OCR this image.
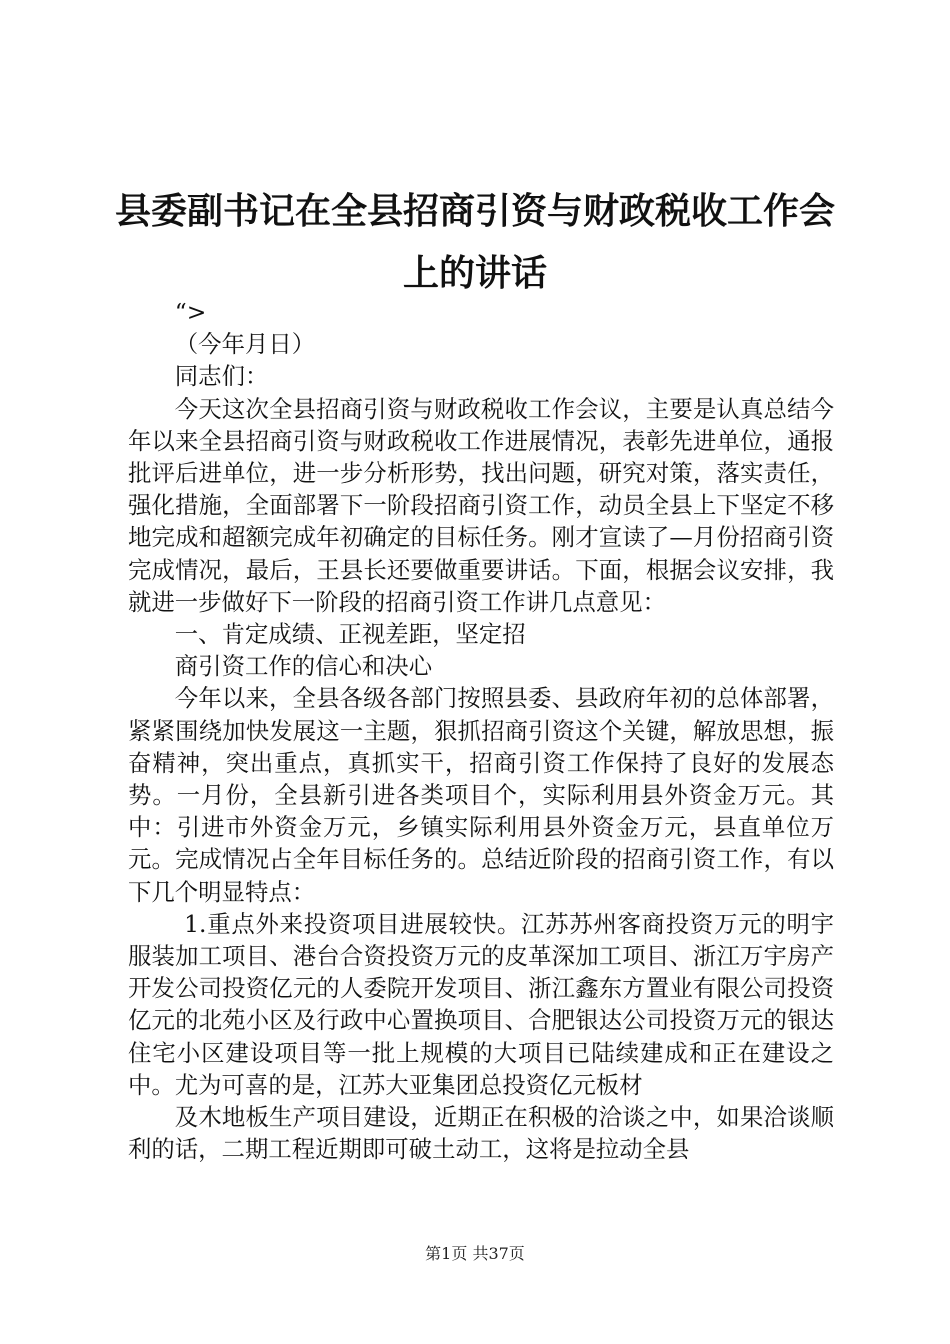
县委副书记在全县招商引资与财政税收工作会上的讲话

“>

（今年月日）

同志们：

今天这次全县招商引资与财政税收工作会议，主要是认真总结今年以来全县招商引资与财政税收工作进展情况，表彰先进单位，通报批评后进单位，进一步分析形势，找出问题，研究对策，落实责任，强化措施，全面部署下一阶段招商引资工作，动员全县上下坚定不移地完成和超额完成年初确定的目标任务。刚才宣读了—月份招商引资完成情况，最后，王县长还要做重要讲话。下面，根据会议安排，我就进一步做好下一阶段的招商引资工作讲几点意见：

一、肯定成绩、正视差距，坚定招

商引资工作的信心和决心

今年以来，全县各级各部门按照县委、县政府年初的总体部署，紧紧围绕加快发展这一主题，狠抓招商引资这个关键，解放思想，振奋精神，突出重点，真抓实干，招商引资工作保持了良好的发展态势。一月份，全县新引进各类项目个，实际利用县外资金万元。其中：引进市外资金万元，乡镇实际利用县外资金万元，县直单位万元。完成情况占全年目标任务的。总结近阶段的招商引资工作，有以下几个明显特点：

1.重点外来投资项目进展较快。江苏苏州客商投资万元的明宇服装加工项目、港台合资投资万元的皮革深加工项目、浙江万宇房产开发公司投资亿元的人委院开发项目、浙江鑫东方置业有限公司投资亿元的北苑小区及行政中心置换项目、合肥银达公司投资万元的银达住宅小区建设项目等一批上规模的大项目已陆续建成和正在建设之中。尤为可喜的是，江苏大亚集团总投资亿元板材

及木地板生产项目建设，近期正在积极的洽谈之中，如果洽谈顺利的话，二期工程近期即可破土动工，这将是拉动全县

第1页 共37页
